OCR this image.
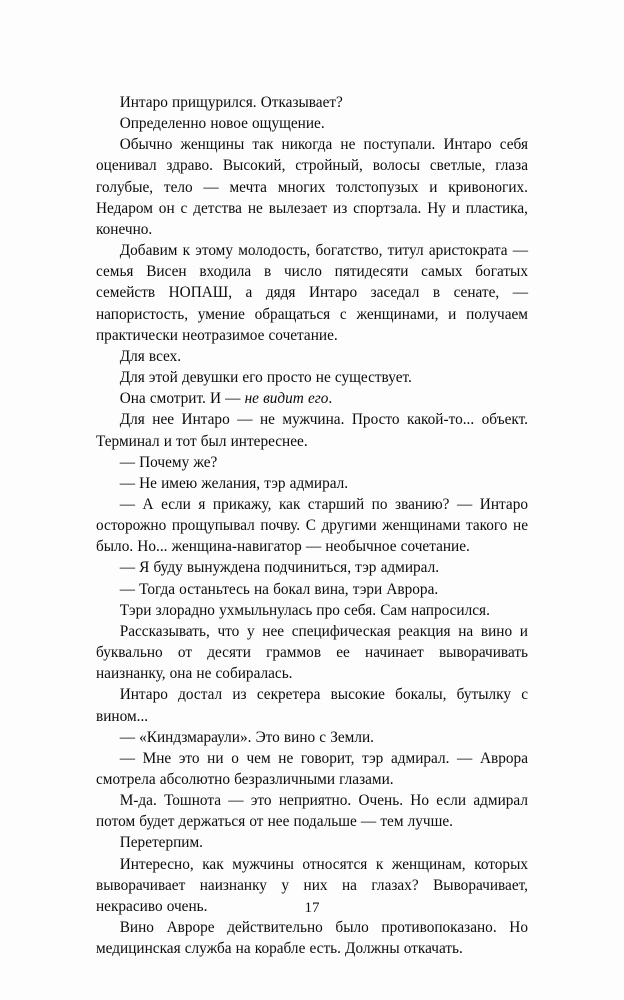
Интаро прищурился. Отказывает?

Определенно новое ощущение.

Обычно женщины так никогда не поступали. Интаро себя оценивал здраво. Высокий, стройный, волосы светлые, глаза голубые, тело — мечта многих толстопузых и кривоногих. Недаром он с детства не вылезает из спортзала. Ну и пластика, конечно.

Добавим к этому молодость, богатство, титул аристократа — семья Висен входила в число пятидесяти самых богатых семейств НОПАШ, а дядя Интаро заседал в сенате, — напористость, умение обращаться с женщинами, и получаем практически неотразимое сочетание.

Для всех.

Для этой девушки его просто не существует.

Она смотрит. И — не видит его.

Для нее Интаро — не мужчина. Просто какой-то... объект. Терминал и тот был интереснее.

— Почему же?

— Не имею желания, тэр адмирал.

— А если я прикажу, как старший по званию? — Интаро осторожно прощупывал почву. С другими женщинами такого не было. Но... женщина-навигатор — необычное сочетание.

— Я буду вынуждена подчиниться, тэр адмирал.

— Тогда останьтесь на бокал вина, тэри Аврора.

Тэри злорадно ухмыльнулась про себя. Сам напросился.

Рассказывать, что у нее специфическая реакция на вино и буквально от десяти граммов ее начинает выворачивать наизнанку, она не собиралась.

Интаро достал из секретера высокие бокалы, бутылку с вином...

— «Киндзмараули». Это вино с Земли.

— Мне это ни о чем не говорит, тэр адмирал. — Аврора смотрела абсолютно безразличными глазами.

М-да. Тошнота — это неприятно. Очень. Но если адмирал потом будет держаться от нее подальше — тем лучше.

Перетерпим.

Интересно, как мужчины относятся к женщинам, которых выворачивает наизнанку у них на глазах? Выворачивает, некрасиво очень.

Вино Авроре действительно было противопоказано. Но медицинская служба на корабле есть. Должны откачать.

17
